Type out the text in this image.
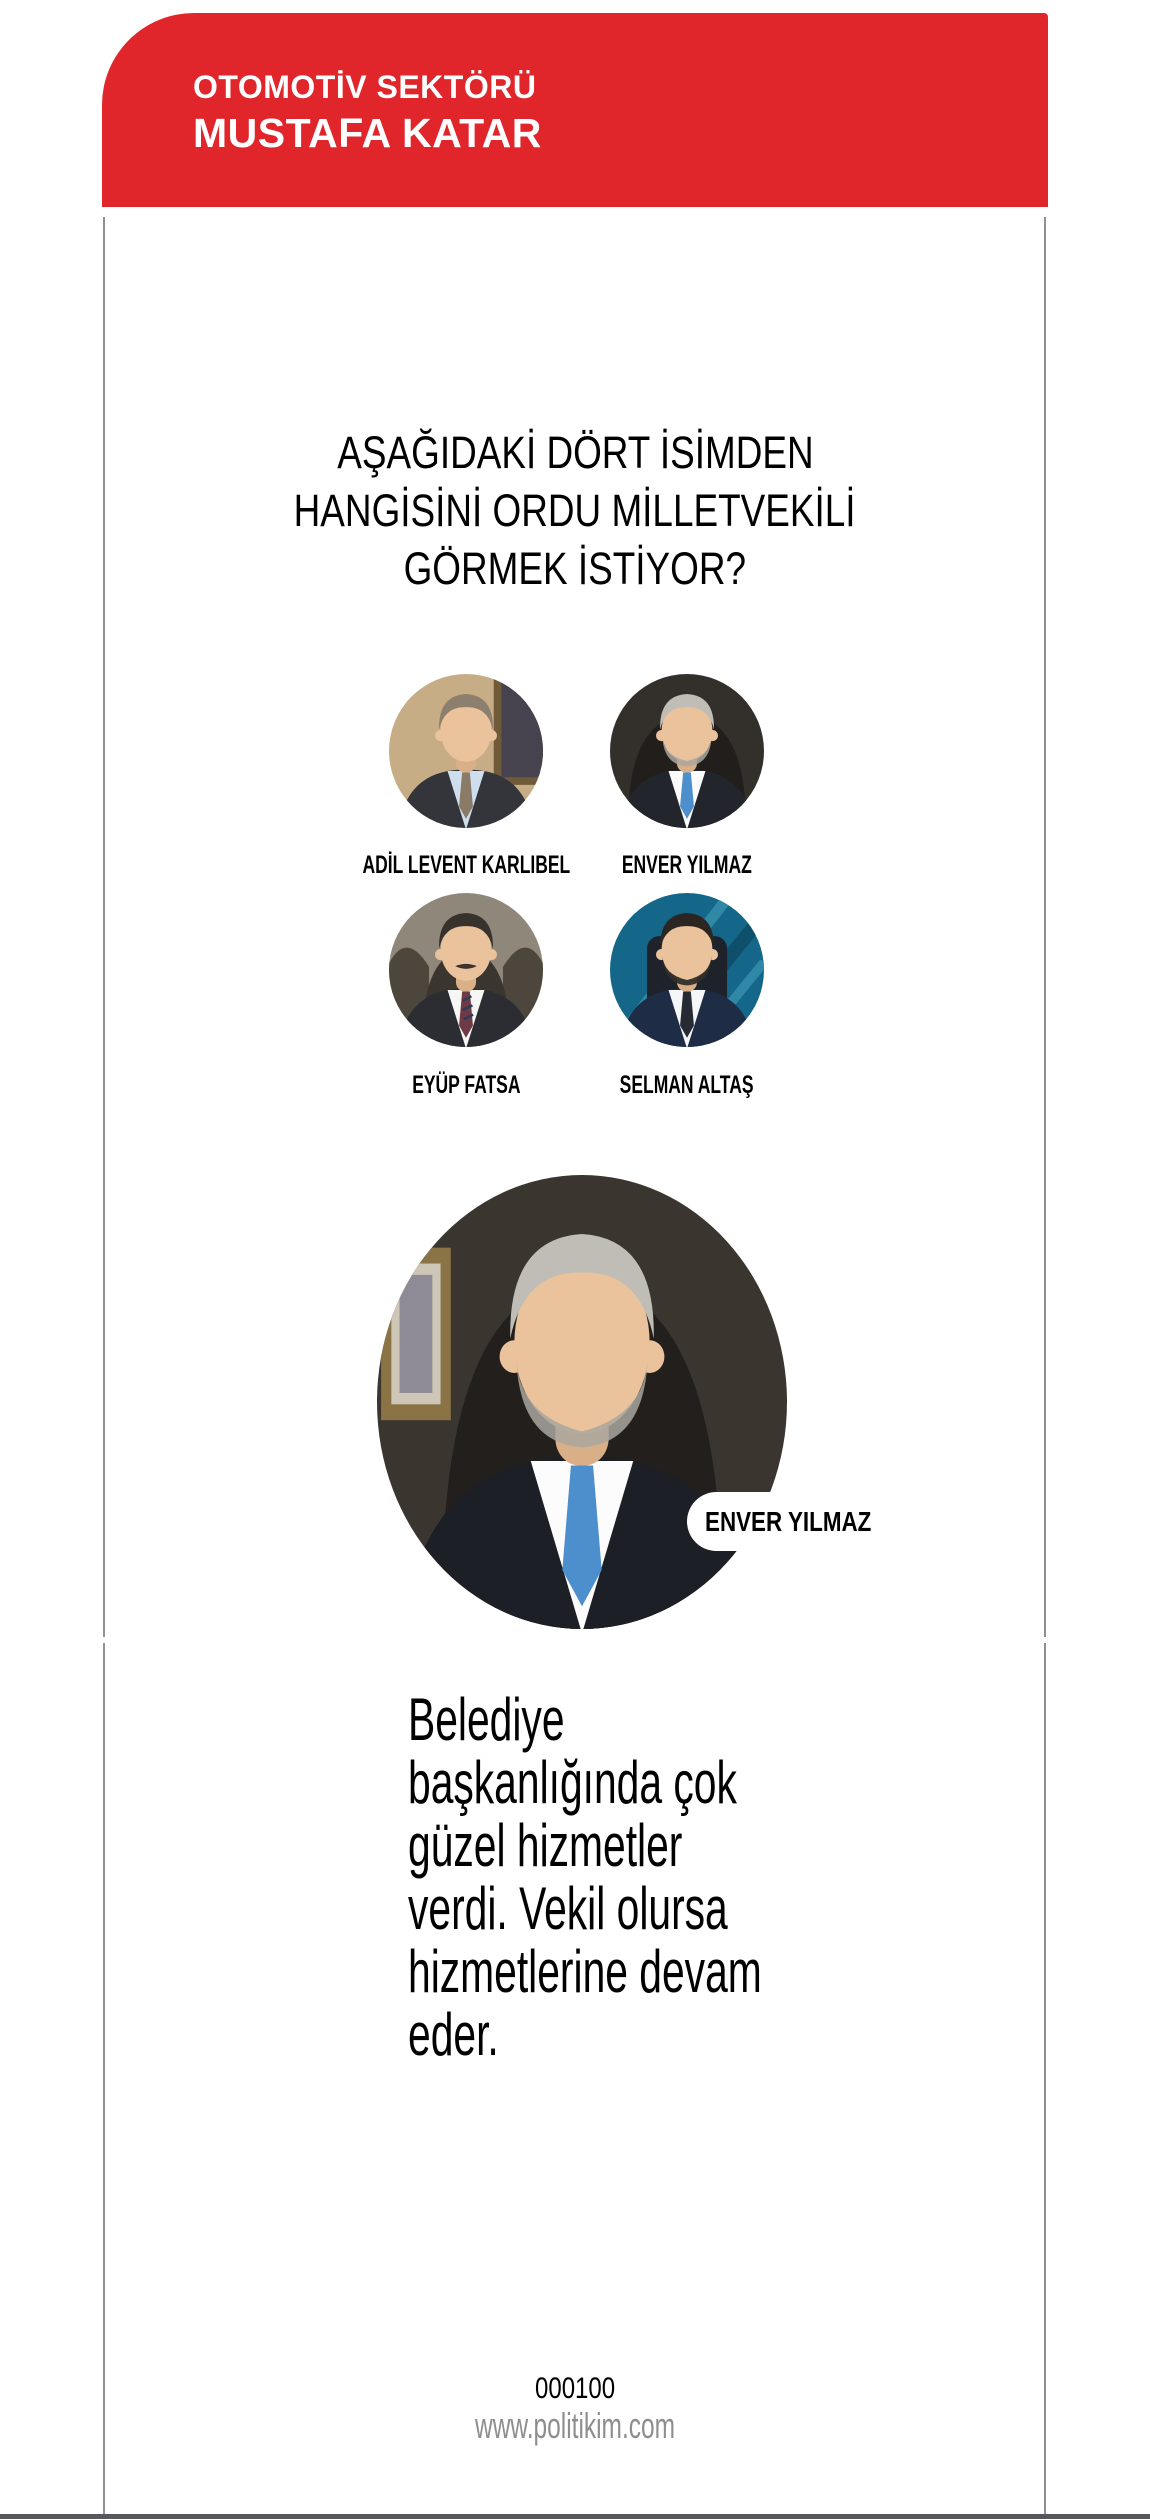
OTOMOTİV SEKTÖRÜ
MUSTAFA KATAR
AŞAĞIDAKİ DÖRT İSİMDEN
HANGİSİNİ ORDU MİLLETVEKİLİ
GÖRMEK İSTİYOR?
ADİL LEVENT KARLIBEL	ENVER YILMAZ
EYÜP FATSA	SELMAN ALTAŞ
ENVER YILMAZ
Belediye
başkanlığında çok
güzel hizmetler
verdi. Vekil olursa
hizmetlerine devam
eder.
000100
www.politikim.com
